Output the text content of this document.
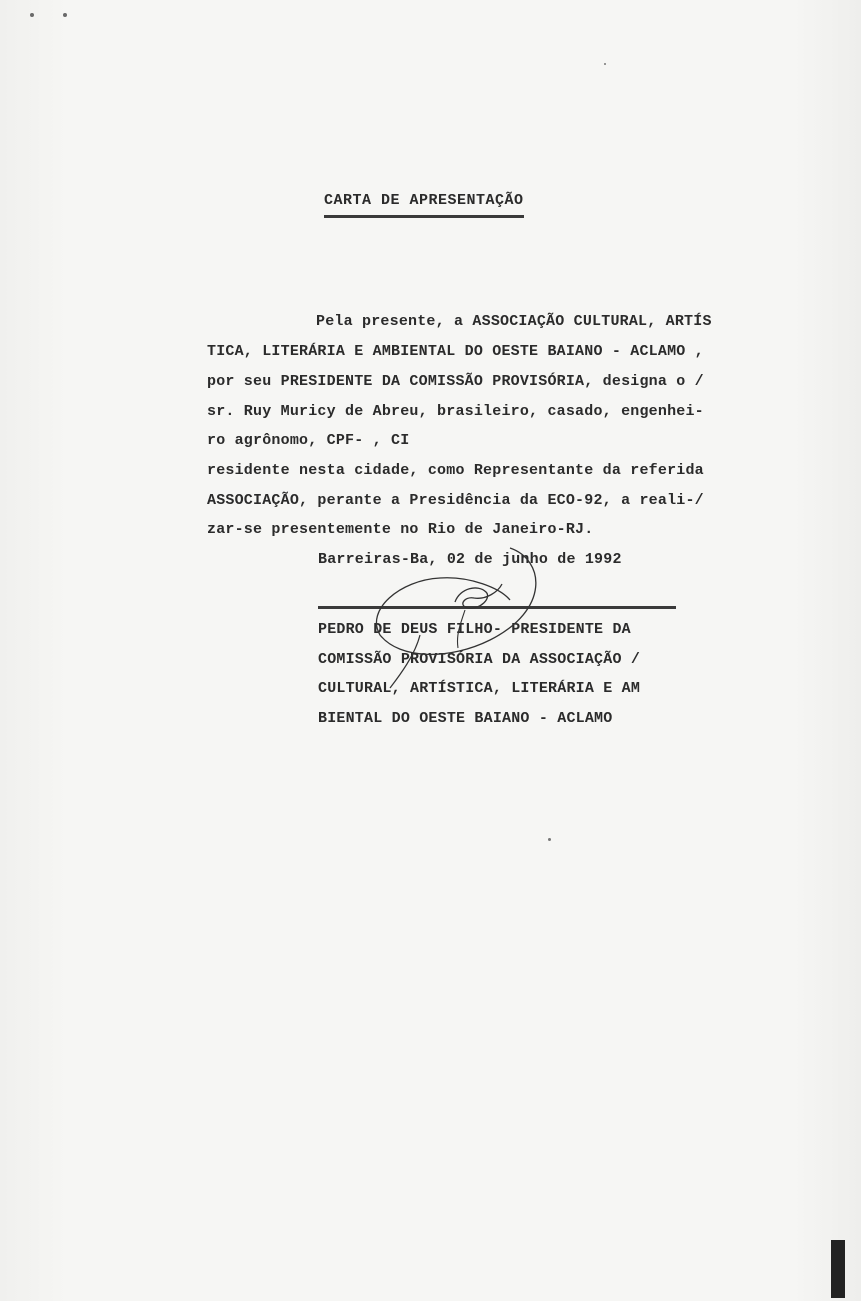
CARTA DE APRESENTAÇÃO
Pela presente, a ASSOCIAÇÃO CULTURAL, ARTÍS
TICA, LITERÁRIA E AMBIENTAL DO OESTE BAIANO - ACLAMO ,
por seu PRESIDENTE DA COMISSÃO PROVISÓRIA, designa o /
sr. Ruy Muricy de Abreu, brasileiro, casado, engenhei-
ro agrônomo, CPF- , CI
residente nesta cidade, como Representante da referida
ASSOCIAÇÃO, perante a Presidência da ECO-92, a reali-/
zar-se presentemente no Rio de Janeiro-RJ.
Barreiras-Ba, 02 de junho de 1992
PEDRO DE DEUS FILHO- PRESIDENTE DA
COMISSÃO PROVISÓRIA DA ASSOCIAÇÃO /
CULTURAL, ARTÍSTICA, LITERÁRIA E AM
BIENTAL DO OESTE BAIANO - ACLAMO
